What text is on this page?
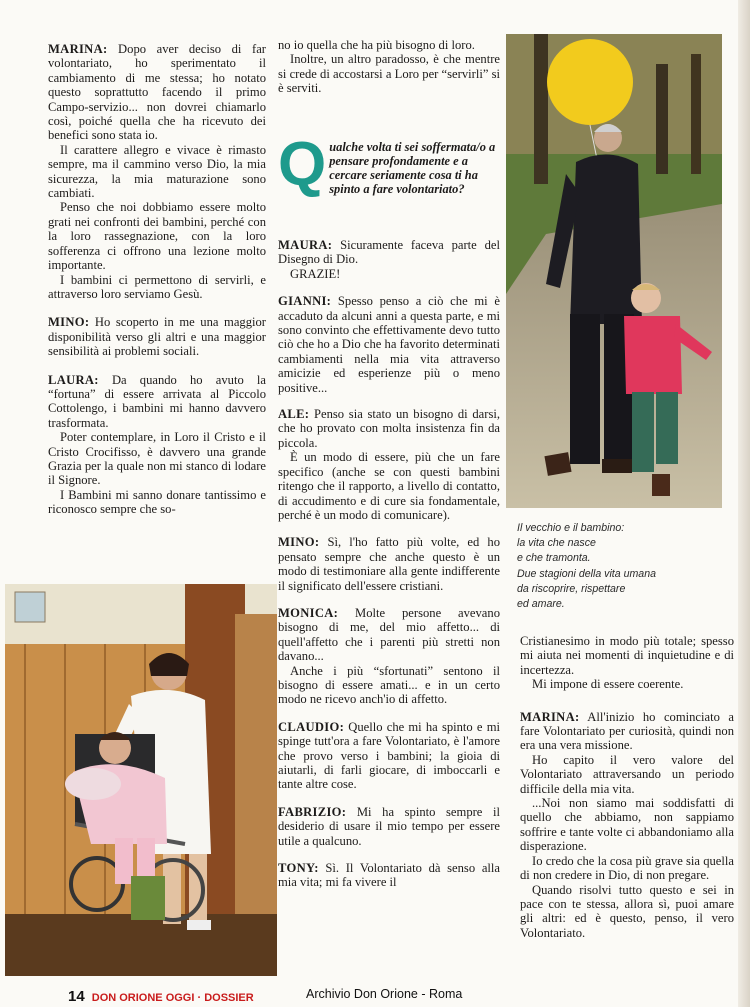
MARINA: Dopo aver deciso di far volontariato, ho sperimentato il cambiamento di me stessa; ho notato questo soprattutto facendo il primo Campo-servizio... non dovrei chiamarlo così, poiché quella che ha ricevuto dei benefici sono stata io.

Il carattere allegro e vivace è rimasto sempre, ma il cammino verso Dio, la mia sicurezza, la mia maturazione sono cambiati.

Penso che noi dobbiamo essere molto grati nei confronti dei bambini, perché con la loro rassegnazione, con la loro sofferenza ci offrono una lezione molto importante.

I bambini ci permettono di servirli, e attraverso loro serviamo Gesù.

MINO: Ho scoperto in me una maggior disponibilità verso gli altri e una maggior sensibilità ai problemi sociali.

LAURA: Da quando ho avuto la “fortuna” di essere arrivata al Piccolo Cottolengo, i bambini mi hanno davvero trasformata.

Poter contemplare, in Loro il Cristo e il Cristo Crocifisso, è davvero una grande Grazia per la quale non mi stanco di lodare il Signore.

I Bambini mi sanno donare tantissimo e riconosco sempre che so-

no io quella che ha più bisogno di loro.

Inoltre, un altro paradosso, è che mentre si crede di accostarsi a Loro per “servirli” si è serviti.

Q ualche volta ti sei soffermata/o a pensare profondamente e a cercare seriamente cosa ti ha spinto a fare volontariato?

MAURA: Sicuramente faceva parte del Disegno di Dio.

GRAZIE!

GIANNI: Spesso penso a ciò che mi è accaduto da alcuni anni a questa parte, e mi sono convinto che effettivamente devo tutto ciò che ho a Dio che ha favorito determinati cambiamenti nella mia vita attraverso amicizie ed esperienze più o meno positive...

ALE: Penso sia stato un bisogno di darsi, che ho provato con molta insistenza fin da piccola.

È un modo di essere, più che un fare specifico (anche se con questi bambini ritengo che il rapporto, a livello di contatto, di accudimento e di cure sia fondamentale, perché è un modo di comunicare).

MINO: Sì, l'ho fatto più volte, ed ho pensato sempre che anche questo è un modo di testimoniare alla gente indifferente il significato dell'essere cristiani.

MONICA: Molte persone avevano bisogno di me, del mio affetto... di quell'affetto che i parenti più stretti non davano...

Anche i più “sfortunati” sentono il bisogno di essere amati... e in un certo modo ne ricevo anch'io di affetto.

CLAUDIO: Quello che mi ha spinto e mi spinge tutt'ora a fare Volontariato, è l'amore che provo verso i bambini; la gioia di aiutarli, di farli giocare, di imboccarli e tante altre cose.

FABRIZIO: Mi ha spinto sempre il desiderio di usare il mio tempo per essere utile a qualcuno.

TONY: Sì. Il Volontariato dà senso alla mia vita; mi fa vivere il

Il vecchio e il bambino:
la vita che nasce
e che tramonta.
Due stagioni della vita umana
da riscoprire, rispettare
ed amare.

Cristianesimo in modo più totale; spesso mi aiuta nei momenti di inquietudine e di incertezza.

Mi impone di essere coerente.

MARINA: All'inizio ho cominciato a fare Volontariato per curiosità, quindi non era una vera missione.

Ho capito il vero valore del Volontariato attraversando un periodo difficile della mia vita.

...Noi non siamo mai soddisfatti di quello che abbiamo, non sappiamo soffrire e tante volte ci abbandoniamo alla disperazione.

Io credo che la cosa più grave sia quella di non credere in Dio, di non pregare.

Quando risolvi tutto questo e sei in pace con te stessa, allora sì, puoi amare gli altri: ed è questo, penso, il vero Volontariato.

14 DON ORIONE OGGI · DOSSIER	Archivio Don Orione - Roma
